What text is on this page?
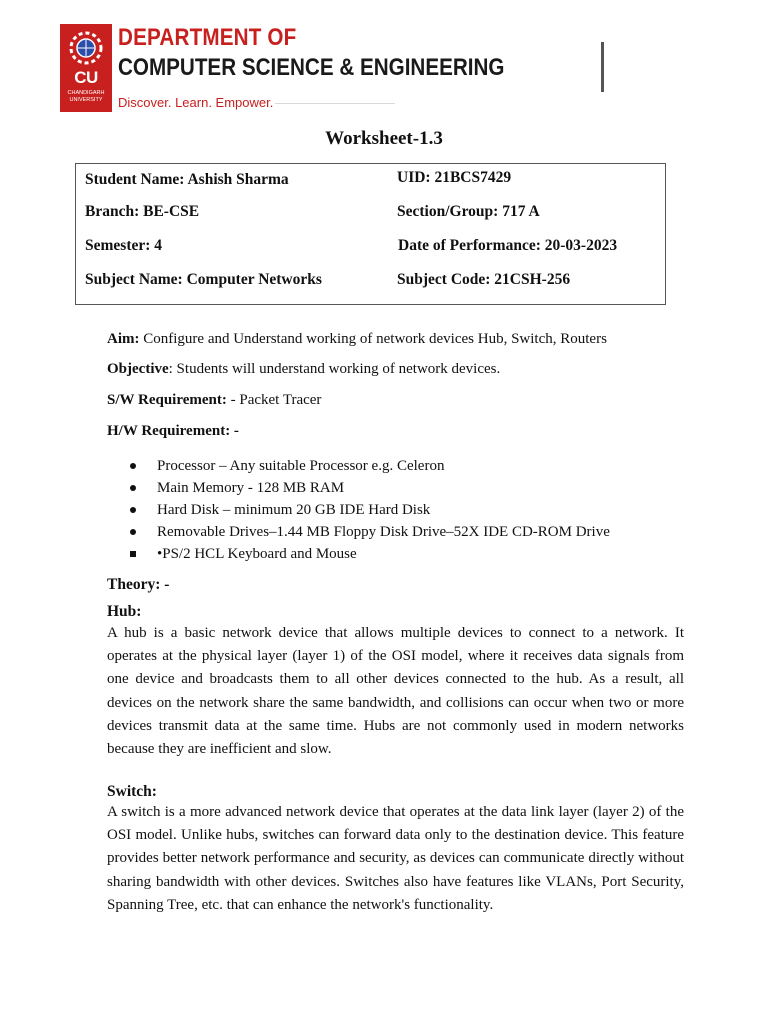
CU
CHANDIGARH UNIVERSITY
DEPARTMENT OF
COMPUTER SCIENCE & ENGINEERING
Discover. Learn. Empower.
Worksheet-1.3
Student Name: Ashish Sharma	UID: 21BCS7429
Branch: BE-CSE	Section/Group: 717 A
Semester: 4	Date of Performance: 20-03-2023
Subject Name: Computer Networks	Subject Code: 21CSH-256
Aim: Configure and Understand working of network devices Hub, Switch, Routers
Objective: Students will understand working of network devices.
S/W Requirement: - Packet Tracer
H/W Requirement: -
Processor – Any suitable Processor e.g. Celeron
Main Memory - 128 MB RAM
Hard Disk – minimum 20 GB IDE Hard Disk
Removable Drives–1.44 MB Floppy Disk Drive–52X IDE CD-ROM Drive
•PS/2 HCL Keyboard and Mouse
Theory: -
Hub:
A hub is a basic network device that allows multiple devices to connect to a network. It operates at the physical layer (layer 1) of the OSI model, where it receives data signals from one device and broadcasts them to all other devices connected to the hub. As a result, all devices on the network share the same bandwidth, and collisions can occur when two or more devices transmit data at the same time. Hubs are not commonly used in modern networks because they are inefficient and slow.
Switch:
A switch is a more advanced network device that operates at the data link layer (layer 2) of the OSI model. Unlike hubs, switches can forward data only to the destination device. This feature provides better network performance and security, as devices can communicate directly without sharing bandwidth with other devices. Switches also have features like VLANs, Port Security, Spanning Tree, etc. that can enhance the network's functionality.
